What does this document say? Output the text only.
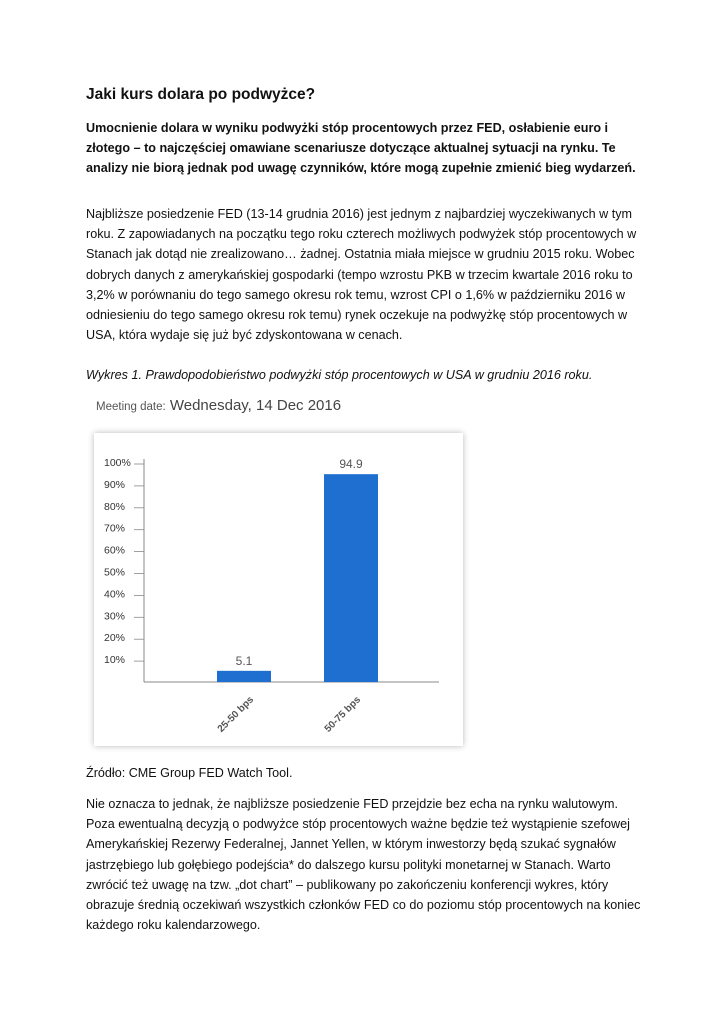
Jaki kurs dolara po podwyżce?

Umocnienie dolara w wyniku podwyżki stóp procentowych przez FED, osłabienie euro i złotego – to najczęściej omawiane scenariusze dotyczące aktualnej sytuacji na rynku. Te analizy nie biorą jednak pod uwagę czynników, które mogą zupełnie zmienić bieg wydarzeń.

Najbliższe posiedzenie FED (13-14 grudnia 2016) jest jednym z najbardziej wyczekiwanych w tym roku. Z zapowiadanych na początku tego roku czterech możliwych podwyżek stóp procentowych w Stanach jak dotąd nie zrealizowano… żadnej. Ostatnia miała miejsce w grudniu 2015 roku. Wobec dobrych danych z amerykańskiej gospodarki (tempo wzrostu PKB w trzecim kwartale 2016 roku to 3,2% w porównaniu do tego samego okresu rok temu, wzrost CPI o 1,6% w październiku 2016 w odniesieniu do tego samego okresu rok temu) rynek oczekuje na podwyżkę stóp procentowych w USA, która wydaje się już być zdyskontowana w cenach.

Wykres 1. Prawdopodobieństwo podwyżki stóp procentowych w USA w grudniu 2016 roku.

Meeting date: Wednesday, 14 Dec 2016

10%
20%
30%
40%
50%
60%
70%
80%
90%
100%
5.1
25-50 bps
94.9
50-75 bps

Źródło: CME Group FED Watch Tool.

Nie oznacza to jednak, że najbliższe posiedzenie FED przejdzie bez echa na rynku walutowym. Poza ewentualną decyzją o podwyżce stóp procentowych ważne będzie też wystąpienie szefowej Amerykańskiej Rezerwy Federalnej, Jannet Yellen, w którym inwestorzy będą szukać sygnałów jastrzębiego lub gołębiego podejścia* do dalszego kursu polityki monetarnej w Stanach. Warto zwrócić też uwagę na tzw. „dot chart” – publikowany po zakończeniu konferencji wykres, który obrazuje średnią oczekiwań wszystkich członków FED co do poziomu stóp procentowych na koniec każdego roku kalendarzowego.
